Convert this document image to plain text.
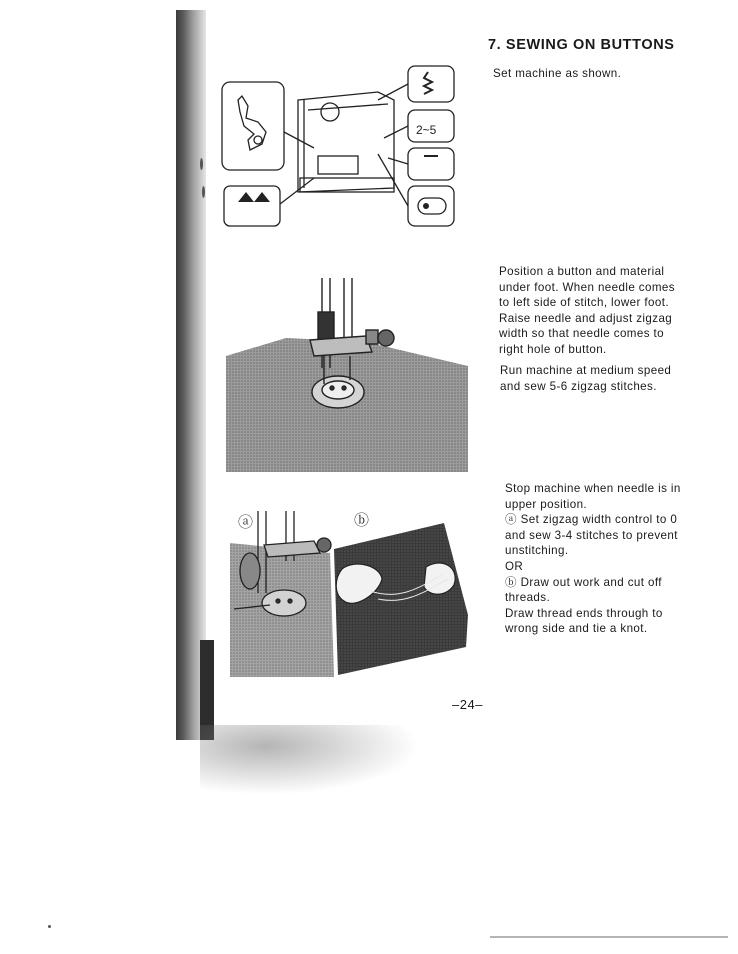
7. SEWING ON BUTTONS

Set machine as shown.

Position a button and material under foot. When needle comes to left side of stitch, lower foot. Raise needle and adjust zigzag width so that needle comes to right hole of button.

Run machine at medium speed and sew 5-6 zigzag stitches.

Stop machine when needle is in upper position.
ⓐ Set zigzag width control to 0 and sew 3-4 stitches to prevent unstitching.
OR
ⓑ Draw out work and cut off threads.
Draw thread ends through to wrong side and tie a knot.
2~5
ⓐ	ⓑ
–24–
